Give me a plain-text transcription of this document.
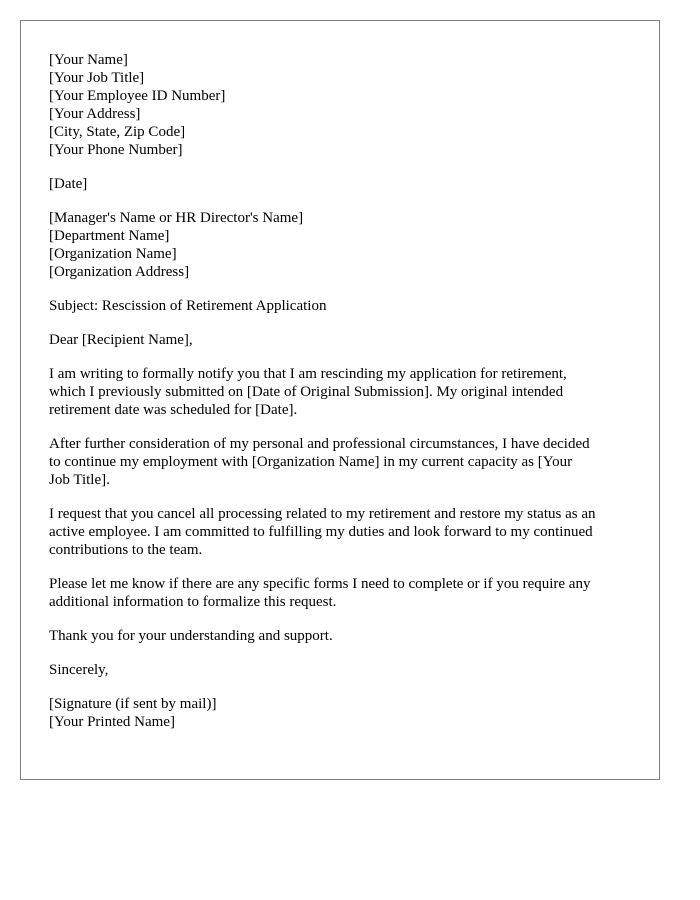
[Your Name]
[Your Job Title]
[Your Employee ID Number]
[Your Address]
[City, State, Zip Code]
[Your Phone Number]
[Date]
[Manager's Name or HR Director's Name]
[Department Name]
[Organization Name]
[Organization Address]
Subject: Rescission of Retirement Application
Dear [Recipient Name],
I am writing to formally notify you that I am rescinding my application for retirement,
which I previously submitted on [Date of Original Submission]. My original intended
retirement date was scheduled for [Date].
After further consideration of my personal and professional circumstances, I have decided
to continue my employment with [Organization Name] in my current capacity as [Your
Job Title].
I request that you cancel all processing related to my retirement and restore my status as an
active employee. I am committed to fulfilling my duties and look forward to my continued
contributions to the team.
Please let me know if there are any specific forms I need to complete or if you require any
additional information to formalize this request.
Thank you for your understanding and support.
Sincerely,
[Signature (if sent by mail)]
[Your Printed Name]
